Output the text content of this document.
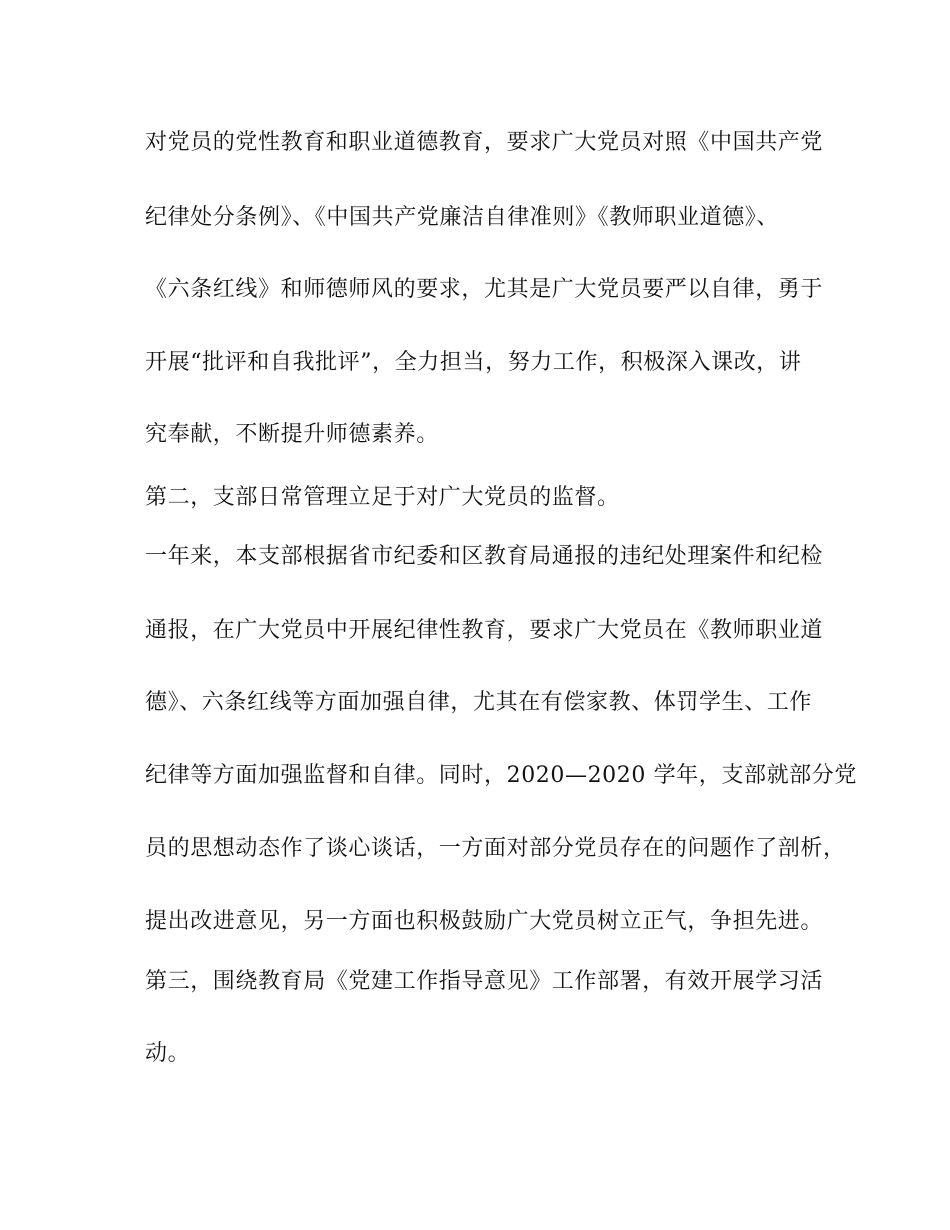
对党员的党性教育和职业道德教育，要求广大党员对照《中国共产党
纪律处分条例》、《中国共产党廉洁自律准则》《教师职业道德》、
《六条红线》和师德师风的要求，尤其是广大党员要严以自律，勇于
开展“批评和自我批评”，全力担当，努力工作，积极深入课改，讲
究奉献，不断提升师德素养。
第二，支部日常管理立足于对广大党员的监督。
一年来，本支部根据省市纪委和区教育局通报的违纪处理案件和纪检
通报，在广大党员中开展纪律性教育，要求广大党员在《教师职业道
德》、六条红线等方面加强自律，尤其在有偿家教、体罚学生、工作
纪律等方面加强监督和自律。同时，2020—2020 学年，支部就部分党
员的思想动态作了谈心谈话，一方面对部分党员存在的问题作了剖析，
提出改进意见，另一方面也积极鼓励广大党员树立正气，争担先进。
第三，围绕教育局《党建工作指导意见》工作部署，有效开展学习活
动。
